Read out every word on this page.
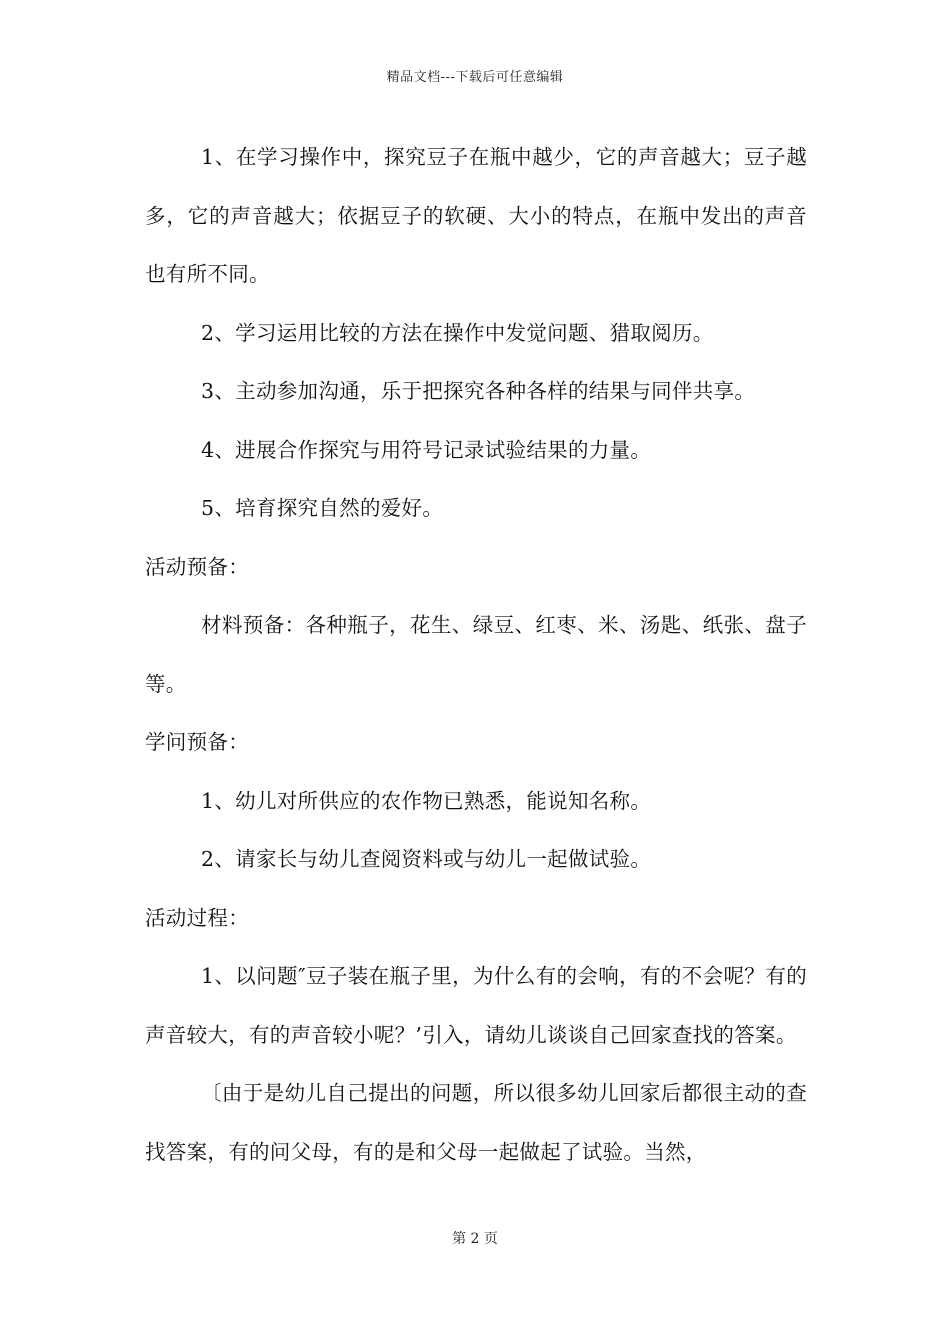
精品文档---下载后可任意编辑

1、在学习操作中，探究豆子在瓶中越少，它的声音越大；豆子越多，它的声音越大；依据豆子的软硬、大小的特点，在瓶中发出的声音也有所不同。

2、学习运用比较的方法在操作中发觉问题、猎取阅历。

3、主动参加沟通，乐于把探究各种各样的结果与同伴共享。

4、进展合作探究与用符号记录试验结果的力量。

5、培育探究自然的爱好。

活动预备：

材料预备：各种瓶子，花生、绿豆、红枣、米、汤匙、纸张、盘子等。

学问预备：

1、幼儿对所供应的农作物已熟悉，能说知名称。

2、请家长与幼儿查阅资料或与幼儿一起做试验。

活动过程：

1、以问题″豆子装在瓶子里，为什么有的会响，有的不会呢？有的声音较大，有的声音较小呢？’引入，请幼儿谈谈自己回家查找的答案。

〔由于是幼儿自己提出的问题，所以很多幼儿回家后都很主动的查找答案，有的问父母，有的是和父母一起做起了试验。当然，

第 2 页
